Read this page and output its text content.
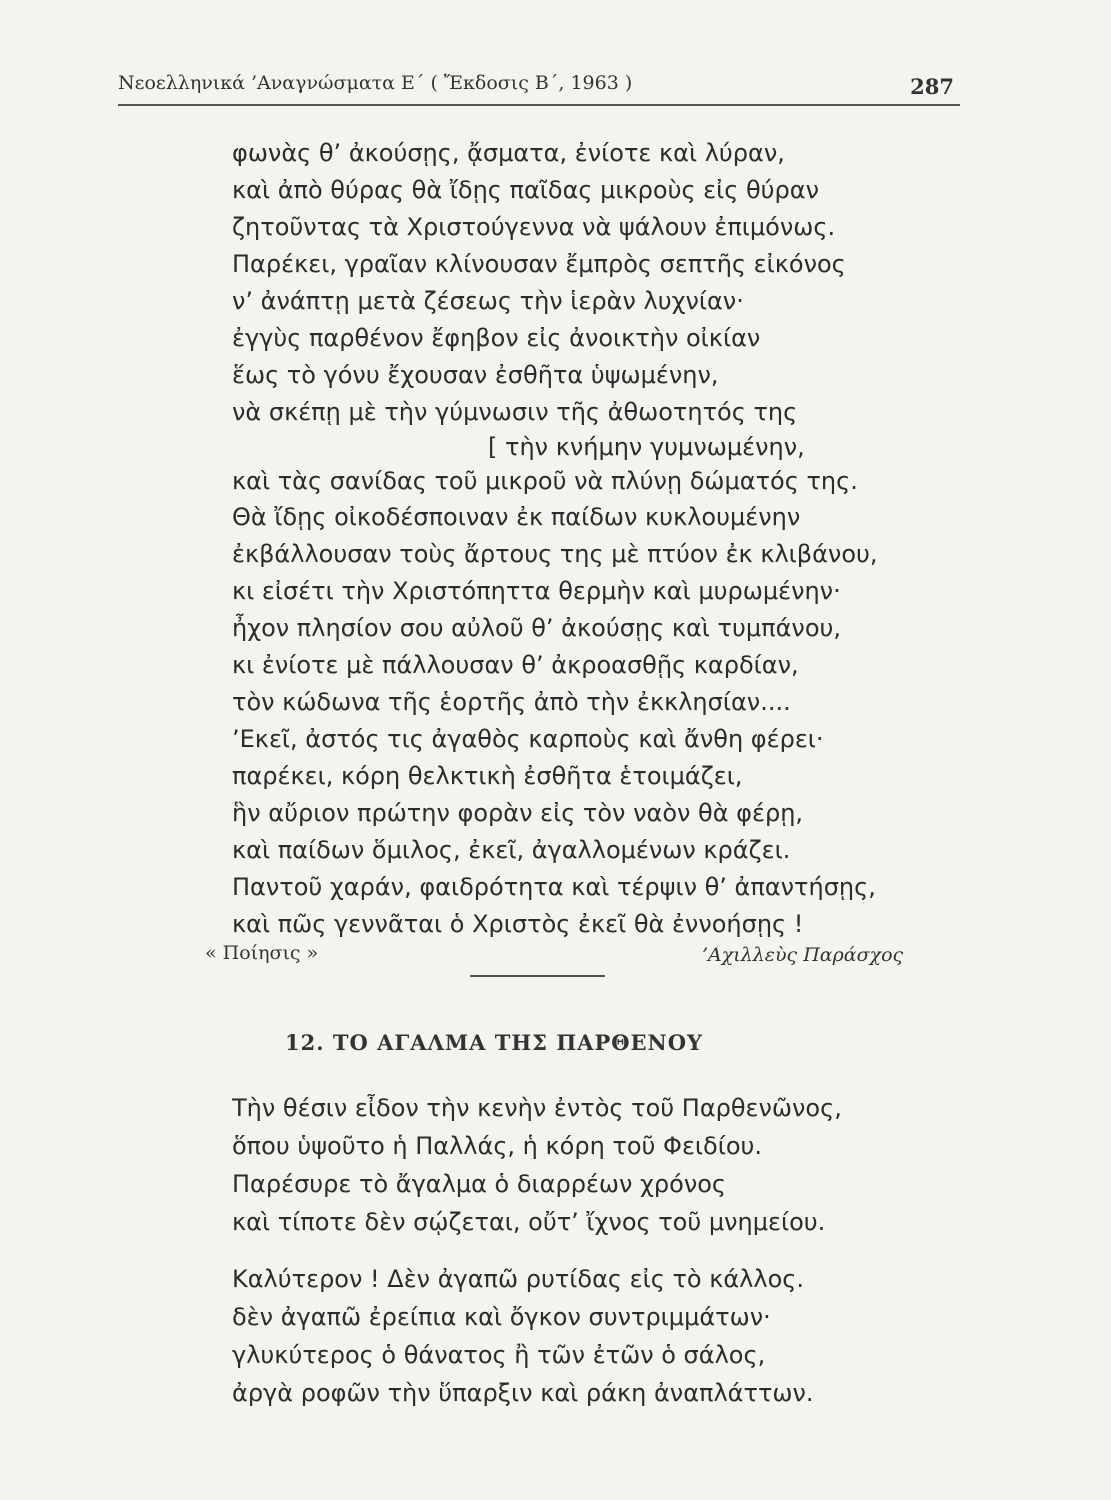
Νεοελληνικά ’Αναγνώσματα Ε΄ ( Ἔκδοσις Β΄, 1963 )	287
φωνὰς θ’ ἀκούσῃς, ᾄσματα, ἐνίοτε καὶ λύραν,
καὶ ἀπὸ θύρας θὰ ἴδῃς παῖδας μικροὺς εἰς θύραν
ζητοῦντας τὰ Χριστούγεννα νὰ ψάλουν ἐπιμόνως.
Παρέκει, γραῖαν κλίνουσαν ἔμπρὸς σεπτῆς εἰκόνος
ν’ ἀνάπτῃ μετὰ ζέσεως τὴν ἱερὰν λυχνίαν·
ἐγγὺς παρθένον ἔφηβον εἰς ἀνοικτὴν οἰκίαν
ἕως τὸ γόνυ ἔχουσαν ἐσθῆτα ὑψωμένην,
νὰ σκέπῃ μὲ τὴν γύμνωσιν τῆς ἀθωοτητός της
[ τὴν κνήμην γυμνωμένην,
καὶ τὰς σανίδας τοῦ μικροῦ νὰ πλύνῃ δώματός της.
Θὰ ἴδῃς οἰκοδέσποιναν ἐκ παίδων κυκλουμένην
ἐκβάλλουσαν τοὺς ἄρτους της μὲ πτύον ἐκ κλιβάνου,
κι εἰσέτι τὴν Χριστόπηττα θερμὴν καὶ μυρωμένην·
ἦχον πλησίον σου αὐλοῦ θ’ ἀκούσῃς καὶ τυμπάνου,
κι ἐνίοτε μὲ πάλλουσαν θ’ ἀκροασθῇς καρδίαν,
τὸν κώδωνα τῆς ἑορτῆς ἀπὸ τὴν ἐκκλησίαν....
’Εκεῖ, ἀστός τις ἀγαθὸς καρποὺς καὶ ἄνθη φέρει·
παρέκει, κόρη θελκτικὴ ἐσθῆτα ἑτοιμάζει,
ἣν αὔριον πρώτην φορὰν εἰς τὸν ναὸν θὰ φέρῃ,
καὶ παίδων ὅμιλος, ἐκεῖ, ἀγαλλομένων κράζει.
Παντοῦ χαράν, φαιδρότητα καὶ τέρψιν θ’ ἀπαντήσῃς,
καὶ πῶς γεννᾶται ὁ Χριστὸς ἐκεῖ θὰ ἐννοήσῃς !
« Ποίησις »	’Αχιλλεὺς Παράσχος
12. ΤΟ ΑΓΑΛΜΑ ΤΗΣ ΠΑΡΘΕΝΟΥ
Τὴν θέσιν εἶδον τὴν κενὴν ἐντὸς τοῦ Παρθενῶνος,
ὅπου ὑψοῦτο ἡ Παλλάς, ἡ κόρη τοῦ Φειδίου.
Παρέσυρε τὸ ἄγαλμα ὁ διαρρέων χρόνος
καὶ τίποτε δὲν σῴζεται, οὔτ’ ἴχνος τοῦ μνημείου.
Καλύτερον ! Δὲν ἀγαπῶ ρυτίδας εἰς τὸ κάλλος.
δὲν ἀγαπῶ ἐρείπια καὶ ὄγκον συντριμμάτων·
γλυκύτερος ὁ θάνατος ἢ τῶν ἐτῶν ὁ σάλος,
ἀργὰ ροφῶν τὴν ὕπαρξιν καὶ ράκη ἀναπλάττων.
